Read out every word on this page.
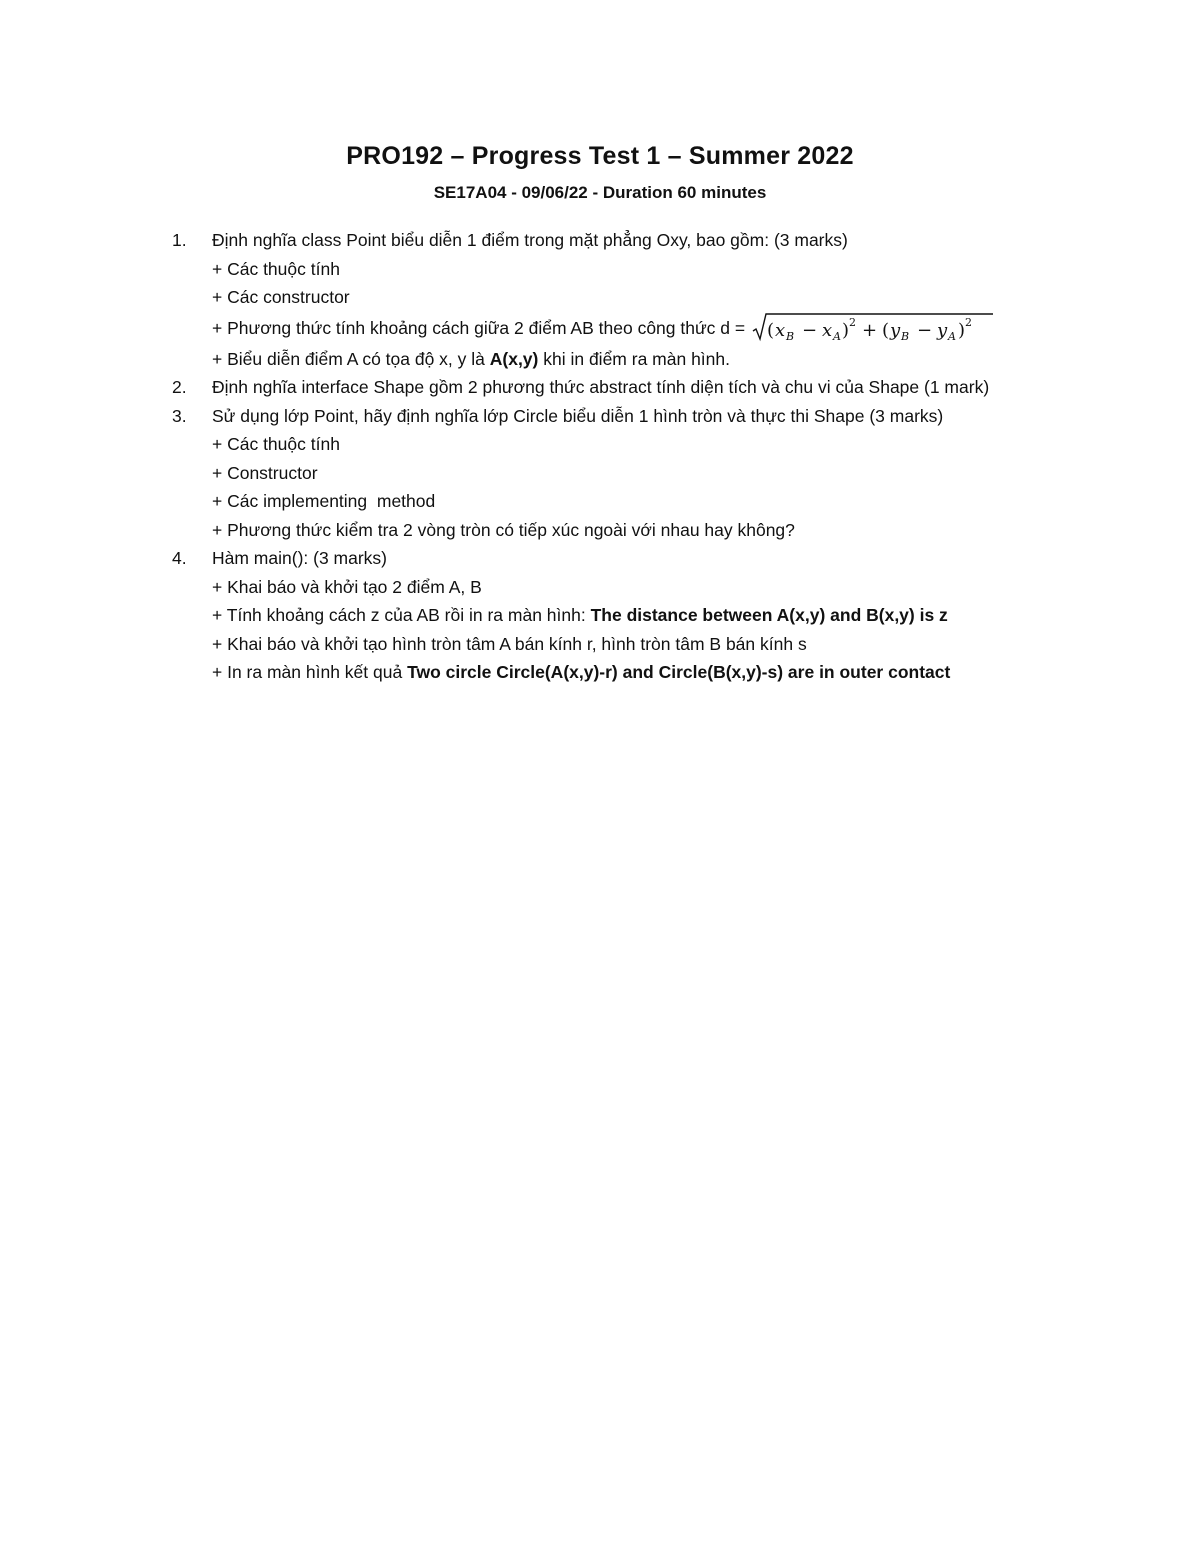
PRO192 – Progress Test 1 – Summer 2022
SE17A04 - 09/06/22 - Duration 60 minutes
1.	Định nghĩa class Point biểu diễn 1 điểm trong mặt phẳng Oxy, bao gồm: (3 marks)
+ Các thuộc tính
+ Các constructor
+ Phương thức tính khoảng cách giữa 2 điểm AB theo công thức d = ( x B − x A ) 2 + ( y B − y A ) 2
+ Biểu diễn điểm A có tọa độ x, y là A(x,y) khi in điểm ra màn hình.
2.	Định nghĩa interface Shape gồm 2 phương thức abstract tính diện tích và chu vi của Shape (1 mark)
3.	Sử dụng lớp Point, hãy định nghĩa lớp Circle biểu diễn 1 hình tròn và thực thi Shape (3 marks)
+ Các thuộc tính
+ Constructor
+ Các implementing  method
+ Phương thức kiểm tra 2 vòng tròn có tiếp xúc ngoài với nhau hay không?
4.	Hàm main(): (3 marks)
+ Khai báo và khởi tạo 2 điểm A, B
+ Tính khoảng cách z của AB rồi in ra màn hình: The distance between A(x,y) and B(x,y) is z
+ Khai báo và khởi tạo hình tròn tâm A bán kính r, hình tròn tâm B bán kính s
+ In ra màn hình kết quả Two circle Circle(A(x,y)-r) and Circle(B(x,y)-s) are in outer contact
